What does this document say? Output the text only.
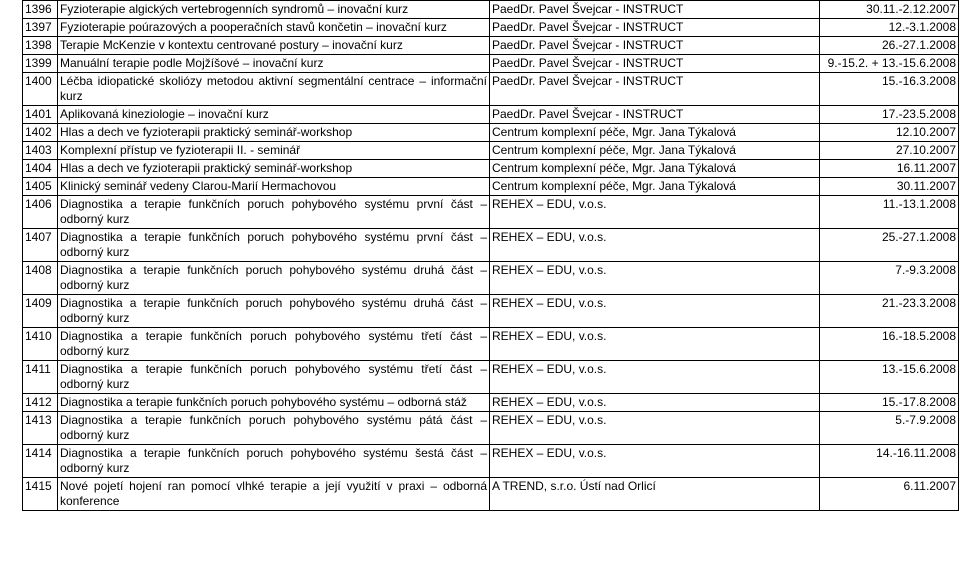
1396	Fyzioterapie algických vertebrogenních syndromů – inovační kurz	PaedDr. Pavel Švejcar - INSTRUCT	30.11.-2.12.2007
1397	Fyzioterapie poúrazových a pooperačních stavů končetin – inovační kurz	PaedDr. Pavel Švejcar - INSTRUCT	12.-3.1.2008
1398	Terapie McKenzie v kontextu centrované postury – inovační kurz	PaedDr. Pavel Švejcar - INSTRUCT	26.-27.1.2008
1399	Manuální terapie podle Mojžíšové – inovační kurz	PaedDr. Pavel Švejcar - INSTRUCT	9.-15.2. + 13.-15.6.2008
1400	Léčba idiopatické skoliózy metodou aktivní segmentální centrace – informační kurz	PaedDr. Pavel Švejcar - INSTRUCT	15.-16.3.2008
1401	Aplikovaná kineziologie – inovační kurz	PaedDr. Pavel Švejcar - INSTRUCT	17.-23.5.2008
1402	Hlas a dech ve fyzioterapii praktický seminář-workshop	Centrum komplexní péče, Mgr. Jana Týkalová	12.10.2007
1403	Komplexní přístup ve fyzioterapii II. - seminář	Centrum komplexní péče, Mgr. Jana Týkalová	27.10.2007
1404	Hlas a dech ve fyzioterapii praktický seminář-workshop	Centrum komplexní péče, Mgr. Jana Týkalová	16.11.2007
1405	Klinický seminář vedeny Clarou-Marií Hermachovou	Centrum komplexní péče, Mgr. Jana Týkalová	30.11.2007
1406	Diagnostika a terapie funkčních poruch pohybového systému první část – odborný kurz	REHEX – EDU, v.o.s.	11.-13.1.2008
1407	Diagnostika a terapie funkčních poruch pohybového systému první část – odborný kurz	REHEX – EDU, v.o.s.	25.-27.1.2008
1408	Diagnostika a terapie funkčních poruch pohybového systému druhá část – odborný kurz	REHEX – EDU, v.o.s.	7.-9.3.2008
1409	Diagnostika a terapie funkčních poruch pohybového systému druhá část – odborný kurz	REHEX – EDU, v.o.s.	21.-23.3.2008
1410	Diagnostika a terapie funkčních poruch pohybového systému třetí část – odborný kurz	REHEX – EDU, v.o.s.	16.-18.5.2008
1411	Diagnostika a terapie funkčních poruch pohybového systému třetí část – odborný kurz	REHEX – EDU, v.o.s.	13.-15.6.2008
1412	Diagnostika a terapie funkčních poruch pohybového systému – odborná stáž	REHEX – EDU, v.o.s.	15.-17.8.2008
1413	Diagnostika a terapie funkčních poruch pohybového systému pátá část – odborný kurz	REHEX – EDU, v.o.s.	5.-7.9.2008
1414	Diagnostika a terapie funkčních poruch pohybového systému šestá část – odborný kurz	REHEX – EDU, v.o.s.	14.-16.11.2008
1415	Nové pojetí hojení ran pomocí vlhké terapie a její využití v praxi – odborná konference	A TREND, s.r.o. Ústí nad Orlicí	6.11.2007
